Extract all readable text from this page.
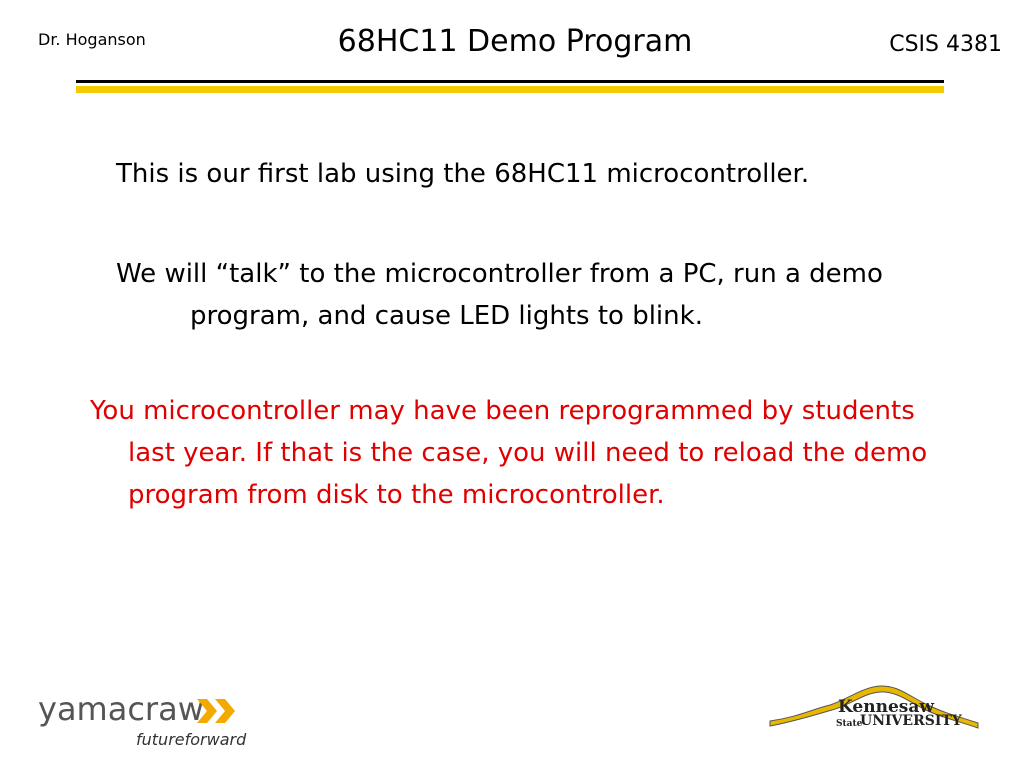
Dr. Hoganson	68HC11 Demo Program	CSIS 4381

This is our first lab using the 68HC11 microcontroller.

We will “talk” to the microcontroller from a PC, run a demo program, and cause LED lights to blink.

You microcontroller may have been reprogrammed by students last year. If that is the case, you will need to reload the demo program from disk to the microcontroller.

yamacraw
futureforward
Kennesaw
State
UNIVERSITY
